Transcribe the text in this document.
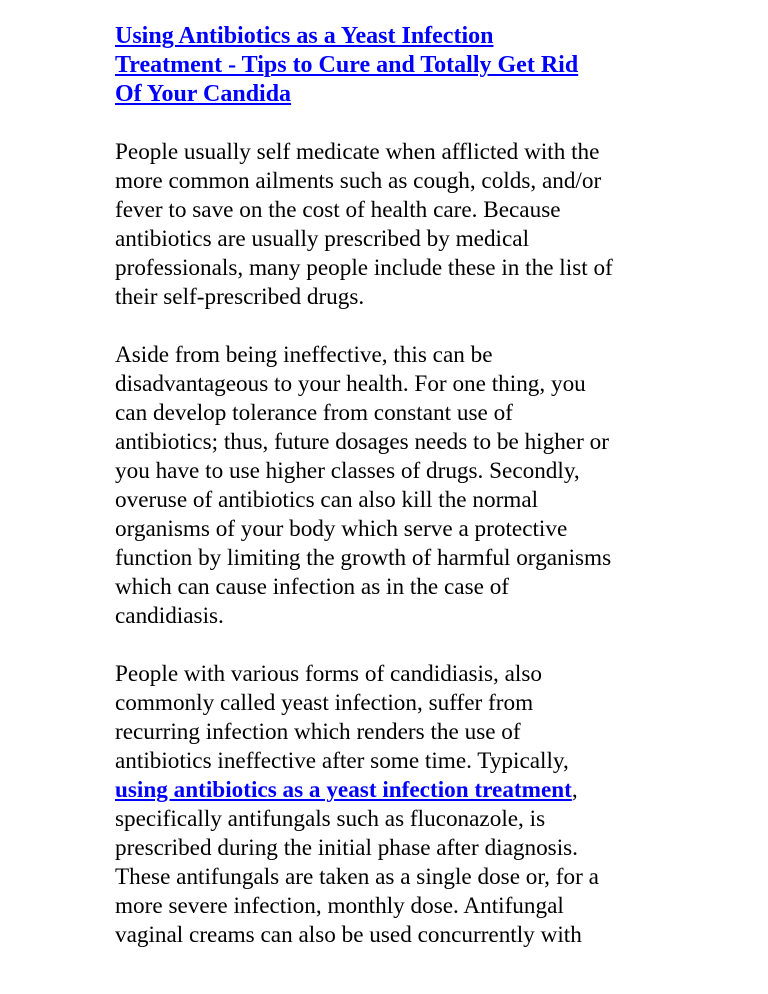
Using Antibiotics as a Yeast Infection
Treatment - Tips to Cure and Totally Get Rid
Of Your Candida

People usually self medicate when afflicted with the
more common ailments such as cough, colds, and/or
fever to save on the cost of health care. Because
antibiotics are usually prescribed by medical
professionals, many people include these in the list of
their self-prescribed drugs.

Aside from being ineffective, this can be
disadvantageous to your health. For one thing, you
can develop tolerance from constant use of
antibiotics; thus, future dosages needs to be higher or
you have to use higher classes of drugs. Secondly,
overuse of antibiotics can also kill the normal
organisms of your body which serve a protective
function by limiting the growth of harmful organisms
which can cause infection as in the case of
candidiasis.

People with various forms of candidiasis, also
commonly called yeast infection, suffer from
recurring infection which renders the use of
antibiotics ineffective after some time. Typically,
using antibiotics as a yeast infection treatment,
specifically antifungals such as fluconazole, is
prescribed during the initial phase after diagnosis.
These antifungals are taken as a single dose or, for a
more severe infection, monthly dose. Antifungal
vaginal creams can also be used concurrently with
